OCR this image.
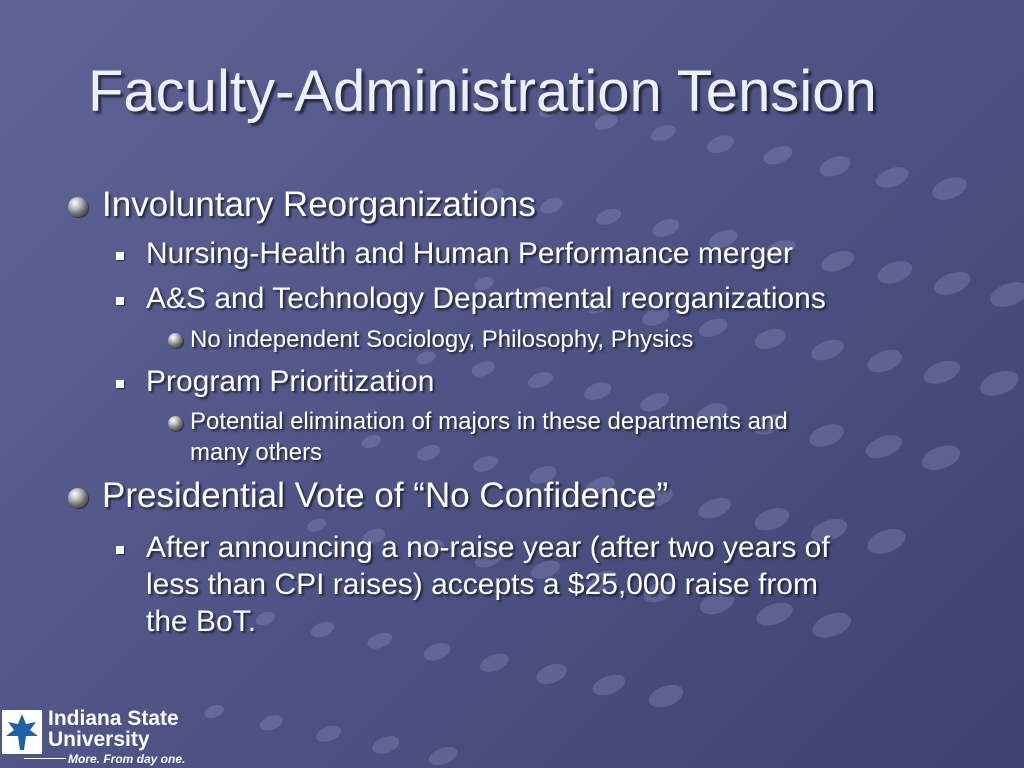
Faculty-Administration Tension
Involuntary Reorganizations
Nursing-Health and Human Performance merger
A&S and Technology Departmental reorganizations
No independent Sociology, Philosophy, Physics
Program Prioritization
Potential elimination of majors in these departments and
many others
Presidential Vote of “No Confidence”
After announcing a no-raise year (after two years of
less than CPI raises) accepts a $25,000 raise from
the BoT.
Indiana State
University
More. From day one.
